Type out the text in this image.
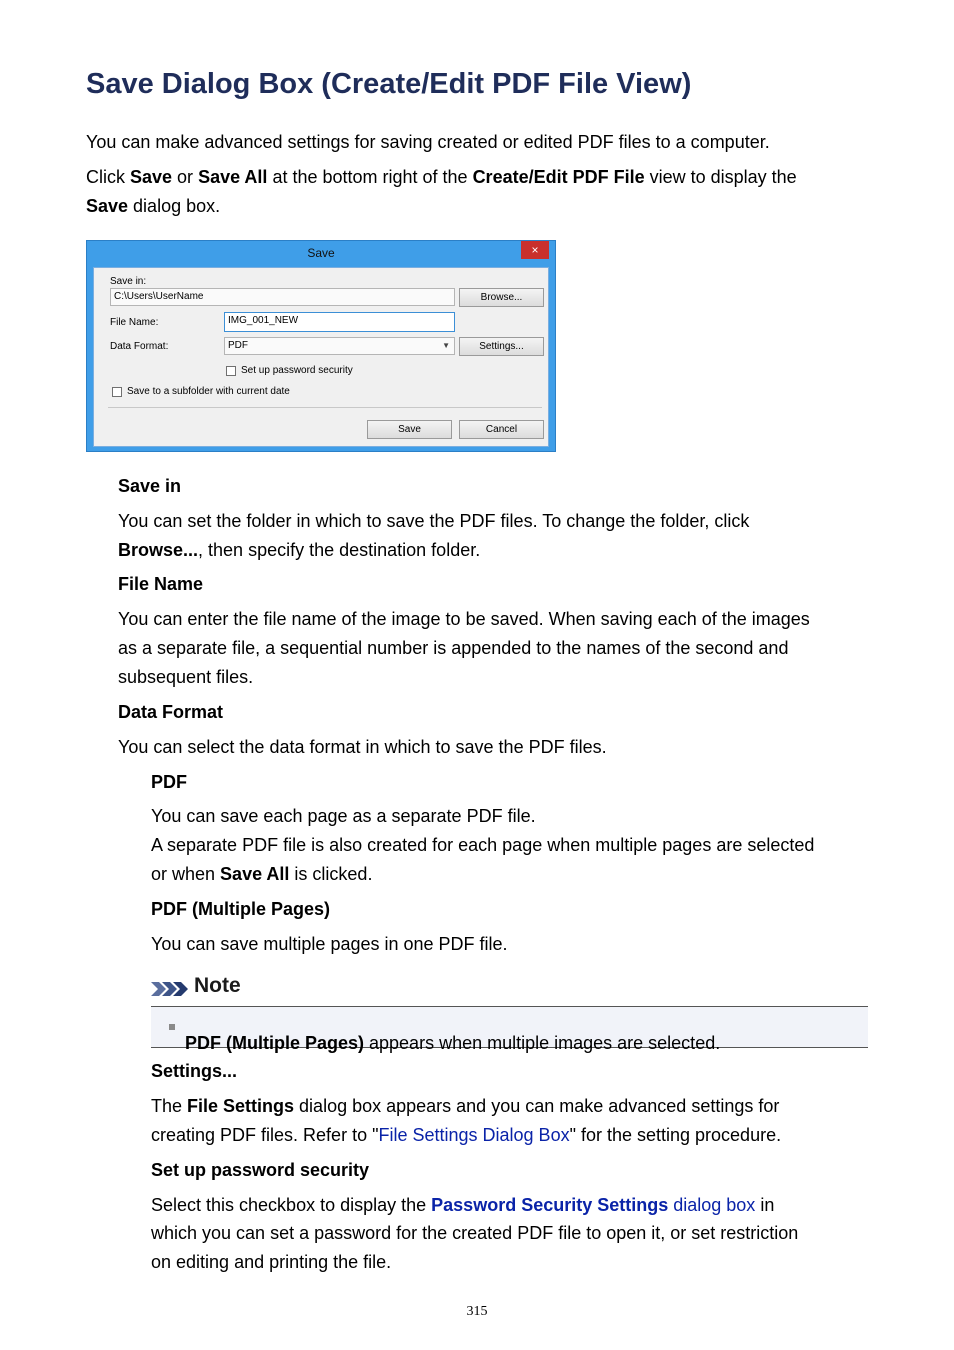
Save Dialog Box (Create/Edit PDF File View)

You can make advanced settings for saving created or edited PDF files to a computer.

Click Save or Save All at the bottom right of the Create/Edit PDF File view to display the

Save dialog box.

Save	×
Save in:
C:\Users\UserName	Browse...
File Name:	IMG_001_NEW
Data Format:	PDF	▼	Settings...
Set up password security
Save to a subfolder with current date
Save	Cancel

Save in

You can set the folder in which to save the PDF files. To change the folder, click

Browse..., then specify the destination folder.

File Name

You can enter the file name of the image to be saved. When saving each of the images

as a separate file, a sequential number is appended to the names of the second and

subsequent files.

Data Format

You can select the data format in which to save the PDF files.

PDF

You can save each page as a separate PDF file.

A separate PDF file is also created for each page when multiple pages are selected

or when Save All is clicked.

PDF (Multiple Pages)

You can save multiple pages in one PDF file.

Note

PDF (Multiple Pages) appears when multiple images are selected.

Settings...

The File Settings dialog box appears and you can make advanced settings for

creating PDF files. Refer to "File Settings Dialog Box" for the setting procedure.

Set up password security

Select this checkbox to display the Password Security Settings dialog box in

which you can set a password for the created PDF file to open it, or set restriction

on editing and printing the file.

315
